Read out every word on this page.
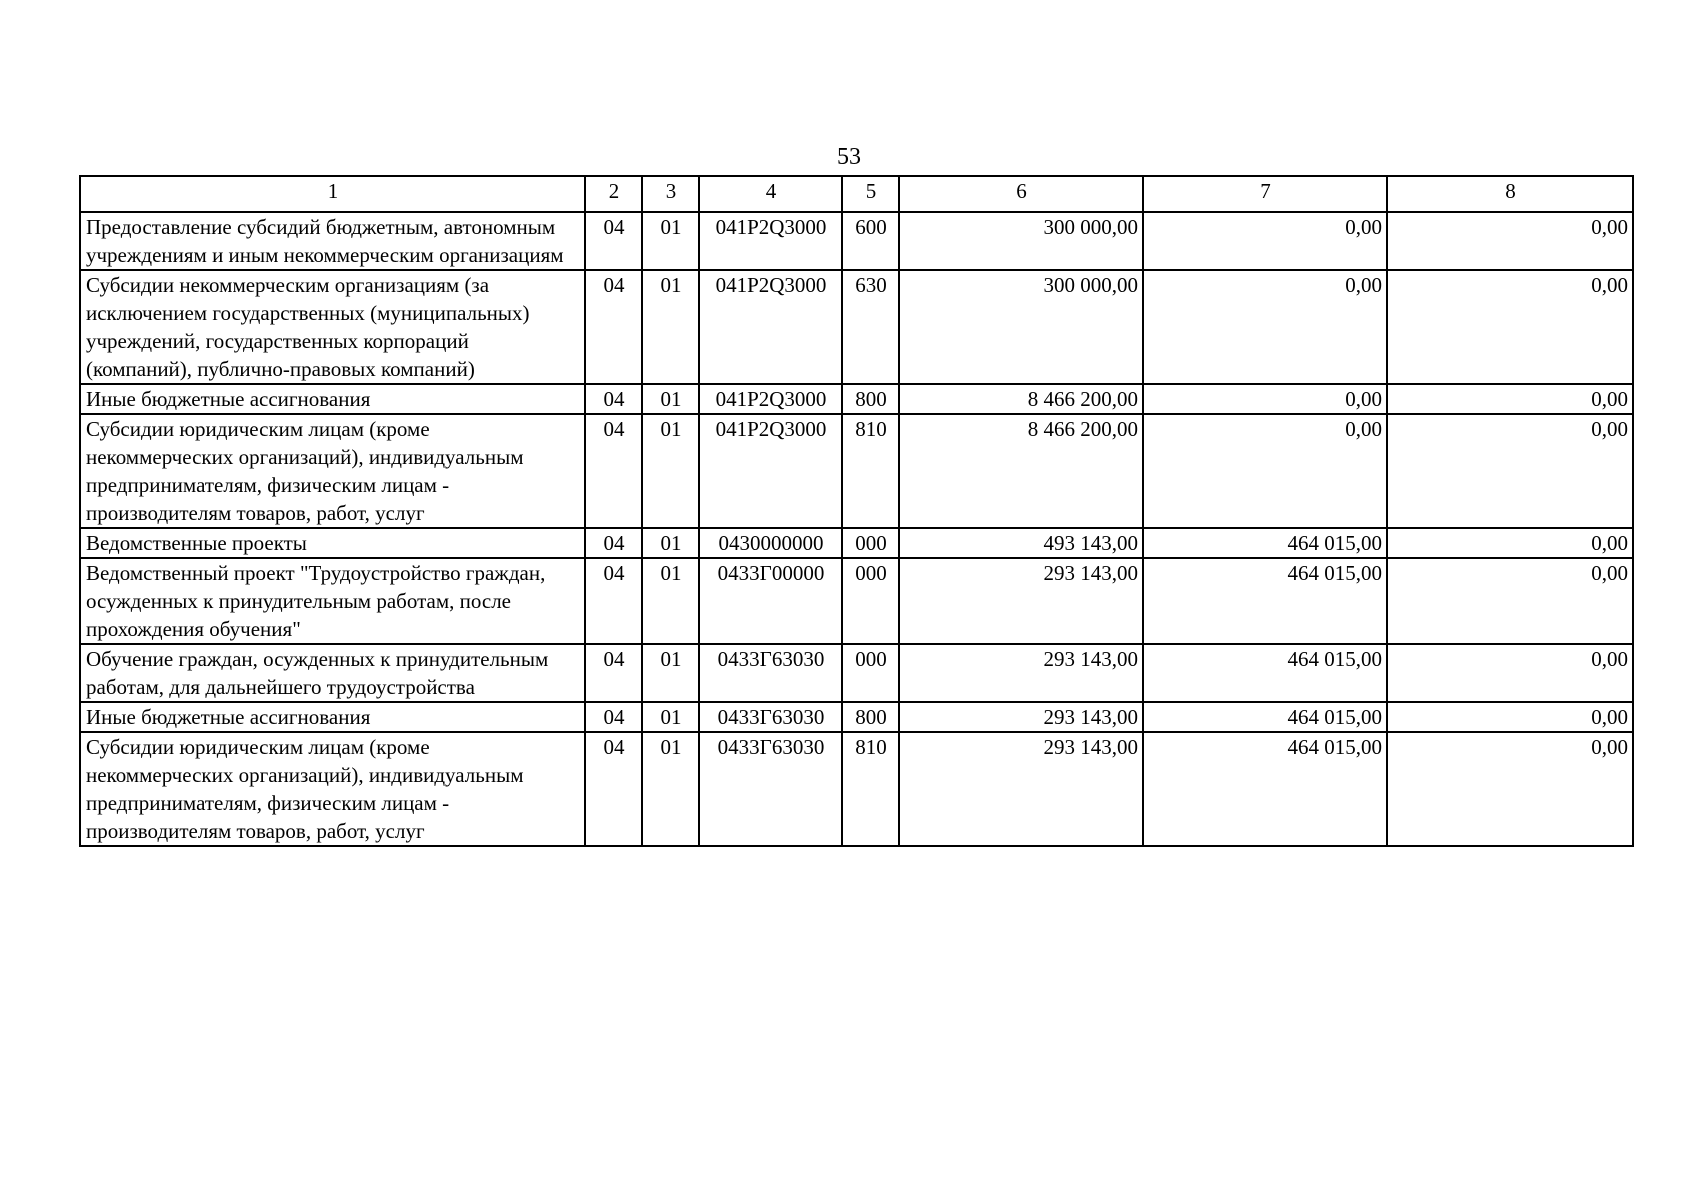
53
1	2	3	4	5	6	7	8
Предоставление субсидий бюджетным, автономным учреждениям и иным некоммерческим организациям	04	01	041P2Q3000	600	300 000,00	0,00	0,00
Субсидии некоммерческим организациям (за исключением государственных (муниципальных) учреждений, государственных корпораций (компаний), публично-правовых компаний)	04	01	041P2Q3000	630	300 000,00	0,00	0,00
Иные бюджетные ассигнования	04	01	041P2Q3000	800	8 466 200,00	0,00	0,00
Субсидии юридическим лицам (кроме некоммерческих организаций), индивидуальным предпринимателям, физическим лицам - производителям товаров, работ, услуг	04	01	041P2Q3000	810	8 466 200,00	0,00	0,00
Ведомственные проекты	04	01	0430000000	000	493 143,00	464 015,00	0,00
Ведомственный проект "Трудоустройство граждан, осужденных к принудительным работам, после прохождения обучения"	04	01	0433Г00000	000	293 143,00	464 015,00	0,00
Обучение граждан, осужденных к принудительным работам, для дальнейшего трудоустройства	04	01	0433Г63030	000	293 143,00	464 015,00	0,00
Иные бюджетные ассигнования	04	01	0433Г63030	800	293 143,00	464 015,00	0,00
Субсидии юридическим лицам (кроме некоммерческих организаций), индивидуальным предпринимателям, физическим лицам - производителям товаров, работ, услуг	04	01	0433Г63030	810	293 143,00	464 015,00	0,00
